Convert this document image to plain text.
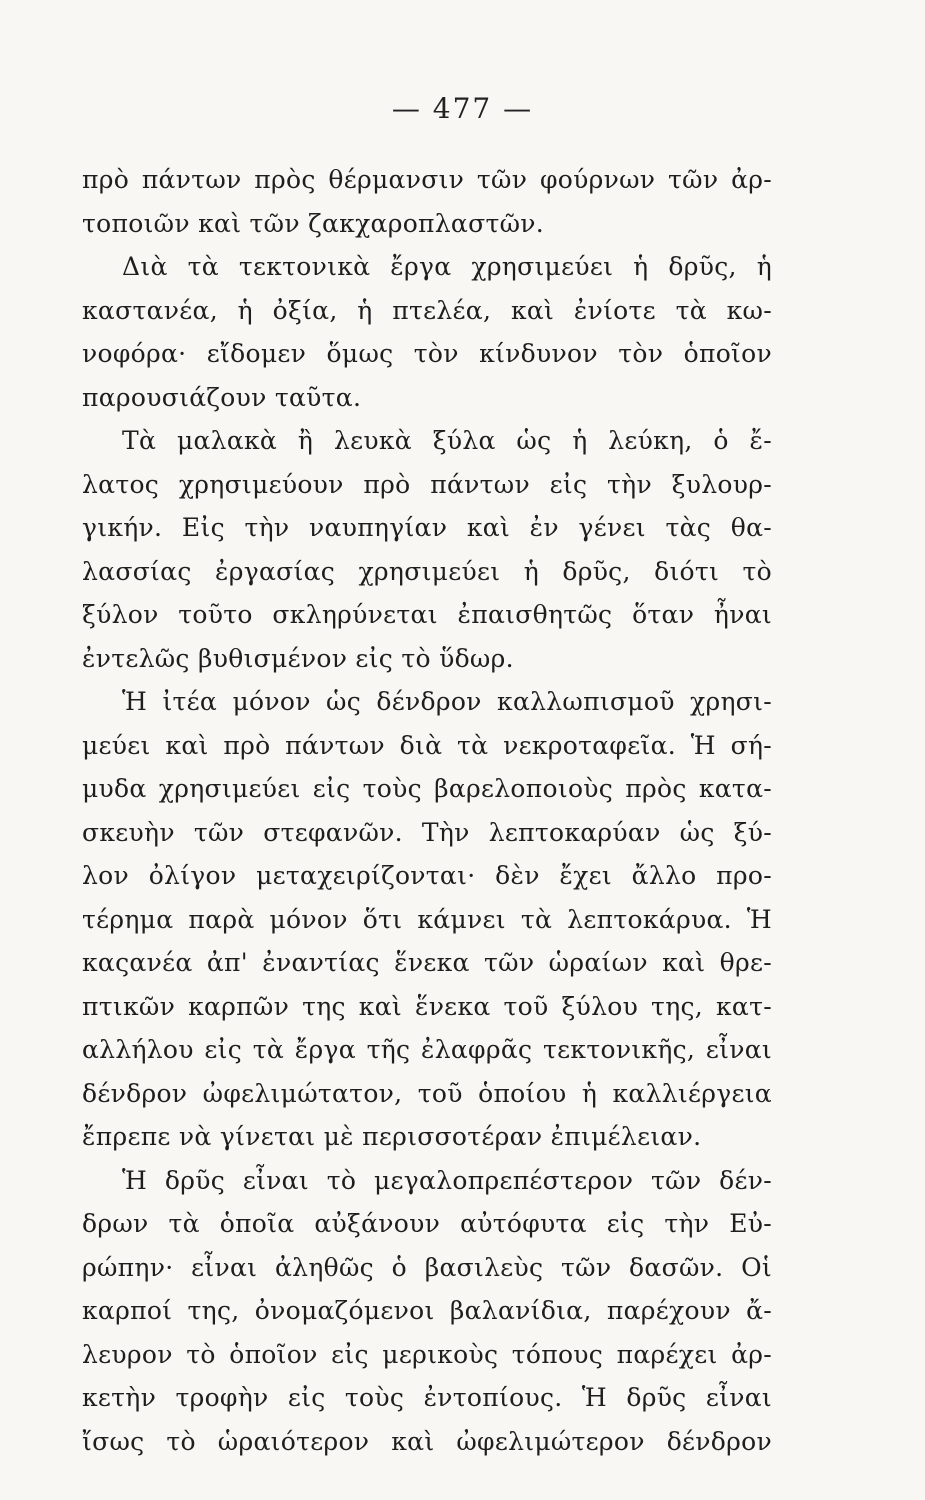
— 477 —
πρὸ πάντων πρὸς θέρμανσιν τῶν φούρνων τῶν ἀρ-
τοποιῶν καὶ τῶν ζακχαροπλαστῶν.
Διὰ τὰ τεκτονικὰ ἔργα χρησιμεύει ἡ δρῦς, ἡ
καστανέα, ἡ ὀξία, ἡ πτελέα, καὶ ἐνίοτε τὰ κω-
νοφόρα· εἴδομεν ὅμως τὸν κίνδυνον τὸν ὁποῖον
παρουσιάζουν ταῦτα.
Τὰ μαλακὰ ἢ λευκὰ ξύλα ὡς ἡ λεύκη, ὁ ἔ-
λατος χρησιμεύουν πρὸ πάντων εἰς τὴν ξυλουρ-
γικήν. Εἰς τὴν ναυπηγίαν καὶ ἐν γένει τὰς θα-
λασσίας ἐργασίας χρησιμεύει ἡ δρῦς, διότι τὸ
ξύλον τοῦτο σκληρύνεται ἐπαισθητῶς ὅταν ἦναι
ἐντελῶς βυθισμένον εἰς τὸ ὕδωρ.
Ἡ ἰτέα μόνον ὡς δένδρον καλλωπισμοῦ χρησι-
μεύει καὶ πρὸ πάντων διὰ τὰ νεκροταφεῖα. Ἡ σή-
μυδα χρησιμεύει εἰς τοὺς βαρελοποιοὺς πρὸς κατα-
σκευὴν τῶν στεφανῶν. Τὴν λεπτοκαρύαν ὡς ξύ-
λον ὀλίγον μεταχειρίζονται· δὲν ἔχει ἄλλο προ-
τέρημα παρὰ μόνον ὅτι κάμνει τὰ λεπτοκάρυα. Ἡ
καςανέα ἀπ' ἐναντίας ἕνεκα τῶν ὡραίων καὶ θρε-
πτικῶν καρπῶν της καὶ ἕνεκα τοῦ ξύλου της, κατ-
αλλήλου εἰς τὰ ἔργα τῆς ἐλαφρᾶς τεκτονικῆς, εἶναι
δένδρον ὠφελιμώτατον, τοῦ ὁποίου ἡ καλλιέργεια
ἔπρεπε νὰ γίνεται μὲ περισσοτέραν ἐπιμέλειαν.
Ἡ δρῦς εἶναι τὸ μεγαλοπρεπέστερον τῶν δέν-
δρων τὰ ὁποῖα αὐξάνουν αὐτόφυτα εἰς τὴν Εὐ-
ρώπην· εἶναι ἀληθῶς ὁ βασιλεὺς τῶν δασῶν. Οἱ
καρποί της, ὀνομαζόμενοι βαλανίδια, παρέχουν ἄ-
λευρον τὸ ὁποῖον εἰς μερικοὺς τόπους παρέχει ἀρ-
κετὴν τροφὴν εἰς τοὺς ἐντοπίους. Ἡ δρῦς εἶναι
ἴσως τὸ ὡραιότερον καὶ ὠφελιμώτερον δένδρον
